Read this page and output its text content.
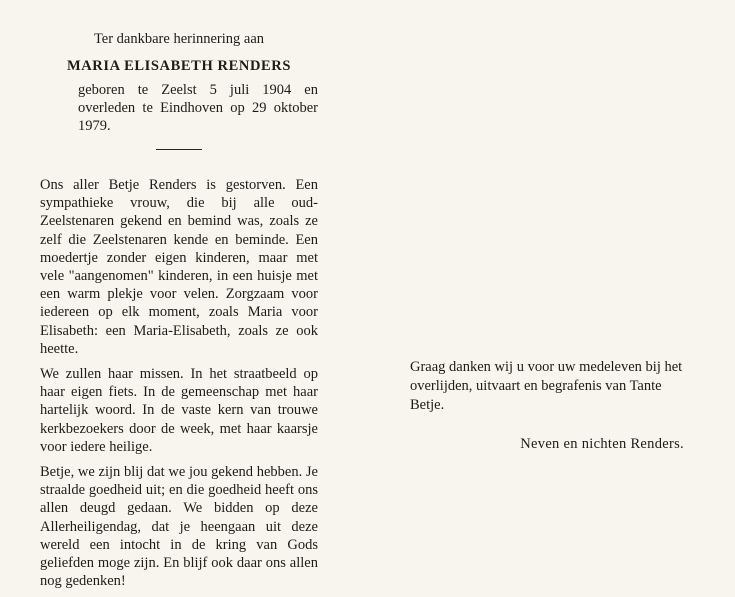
Ter dankbare herinnering aan

MARIA ELISABETH RENDERS

geboren te Zeelst 5 juli 1904 en overleden te Eindhoven op 29 oktober 1979.

Ons aller Betje Renders is gestorven. Een sympathieke vrouw, die bij alle oud-Zeelstenaren gekend en bemind was, zoals ze zelf die Zeelstenaren kende en beminde. Een moedertje zonder eigen kinderen, maar met vele "aangenomen" kinderen, in een huisje met een warm plekje voor velen. Zorgzaam voor iedereen op elk moment, zoals Maria voor Elisabeth: een Maria-Elisabeth, zoals ze ook heette.

We zullen haar missen. In het straatbeeld op haar eigen fiets. In de gemeenschap met haar hartelijk woord. In de vaste kern van trouwe kerkbezoekers door de week, met haar kaarsje voor iedere heilige.

Betje, we zijn blij dat we jou gekend hebben. Je straalde goedheid uit; en die goedheid heeft ons allen deugd gedaan. We bidden op deze Allerheiligendag, dat je heengaan uit deze wereld een intocht in de kring van Gods geliefden moge zijn. En blijf ook daar ons allen nog gedenken!

Graag danken wij u voor uw medeleven bij het overlijden, uitvaart en begrafenis van Tante Betje.

Neven en nichten Renders.
